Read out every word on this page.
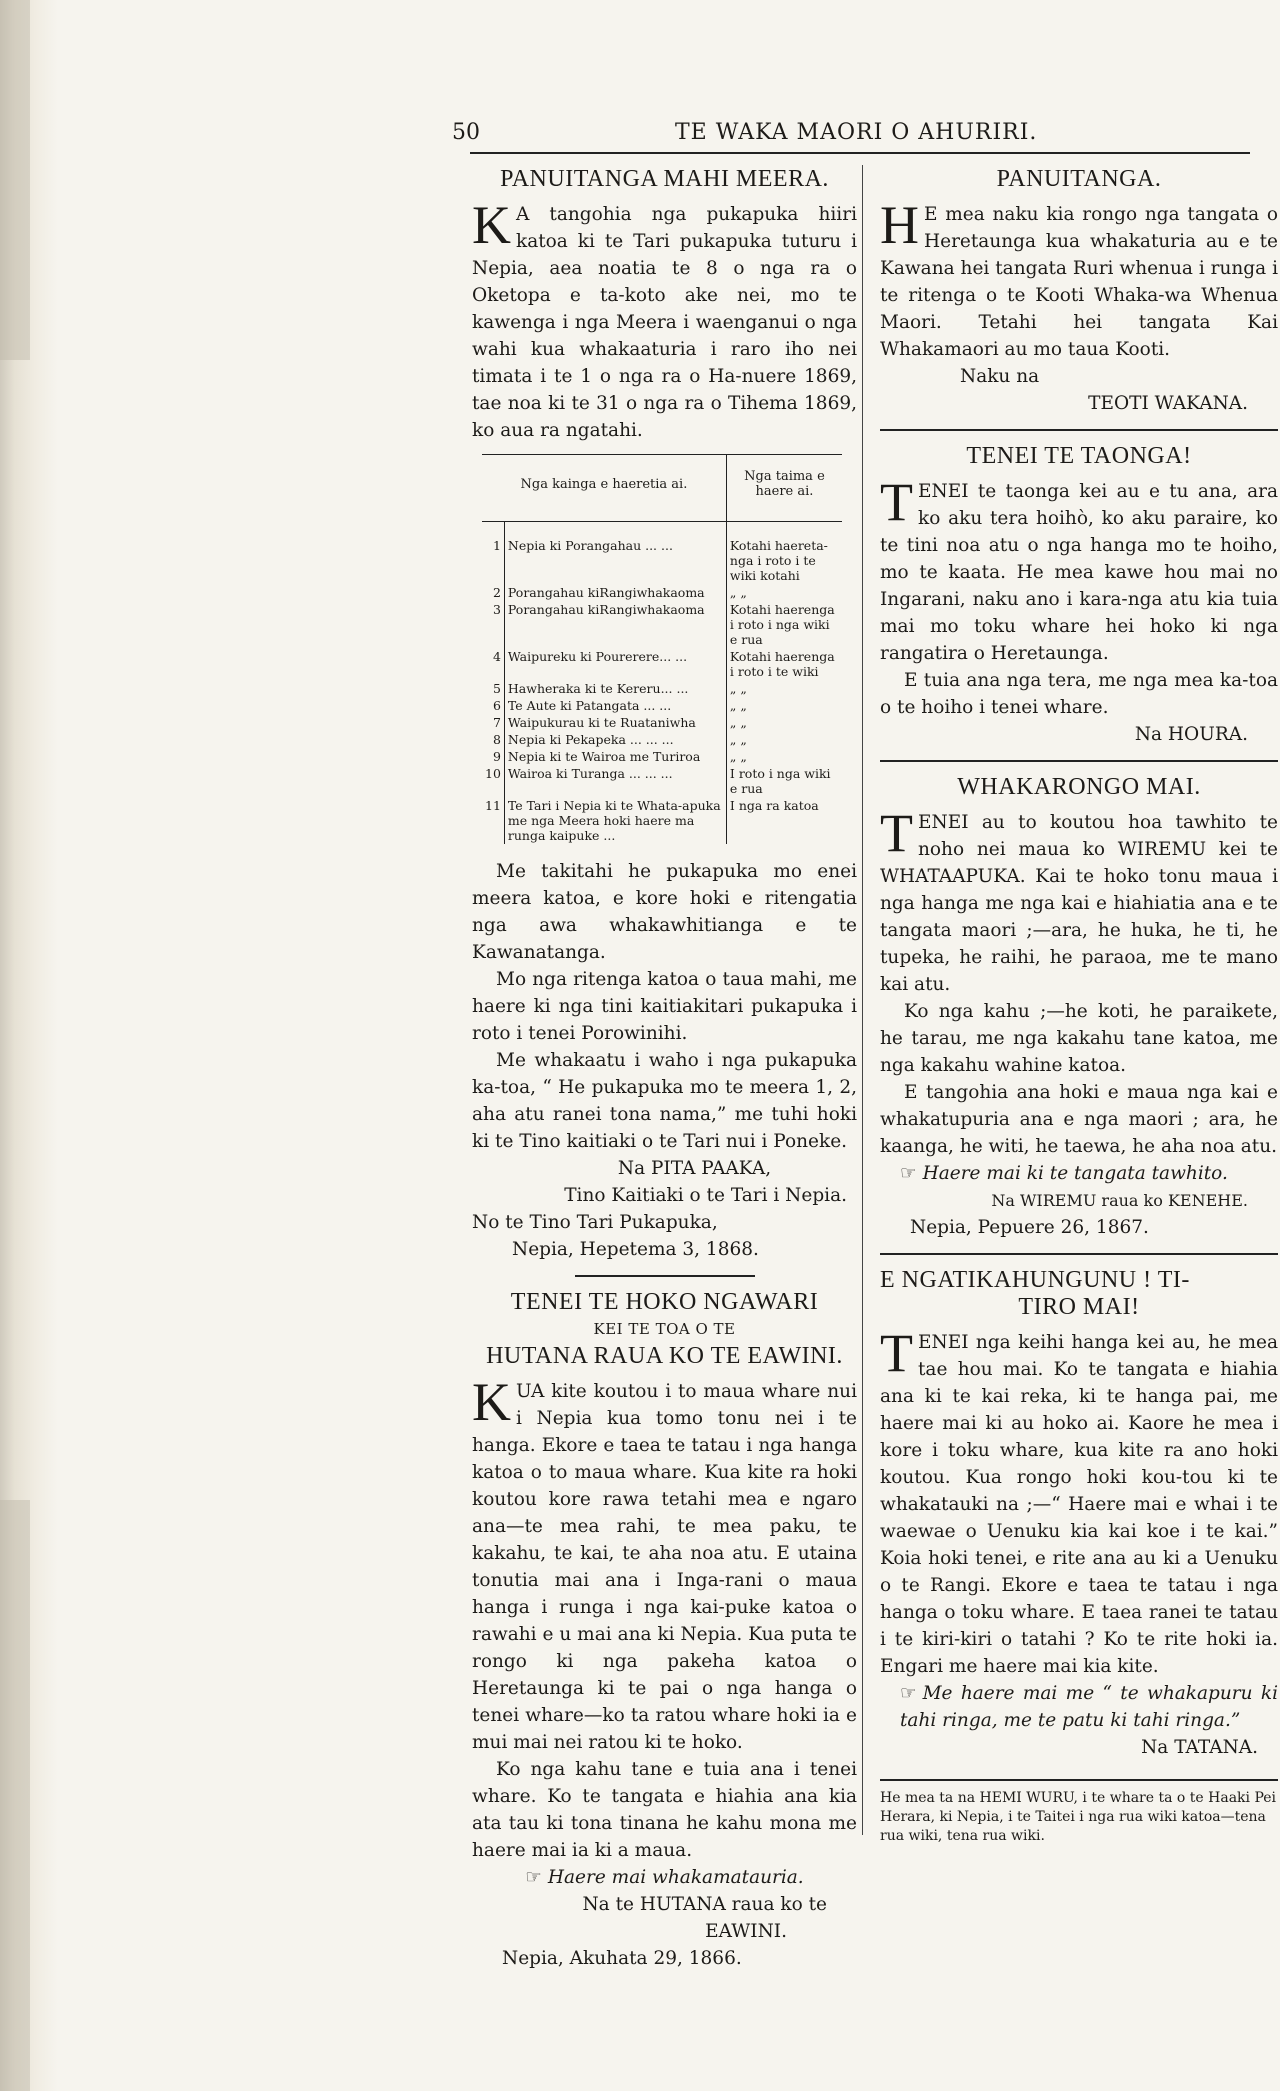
50	TE WAKA MAORI O AHURIRI.
PANUITANGA MAHI MEERA.

K A tangohia nga pukapuka hiiri katoa ki te Tari pukapuka tuturu i Nepia, aea noatia te 8 o nga ra o Oketopa e ta-koto ake nei, mo te kawenga i nga Meera i waenganui o nga wahi kua whakaaturia i raro iho nei timata i te 1 o nga ra o Ha-nuere 1869, tae noa ki te 31 o nga ra o Tihema 1869, ko aua ra ngatahi.

Nga kainga e haeretia ai.		Nga taima e haere ai.
1	Nepia ki Porangahau ... ...	Kotahi haereta-nga i roto i te wiki kotahi
2	Porangahau kiRangiwhakaoma	„ „
3	Porangahau kiRangiwhakaoma	Kotahi haerenga i roto i nga wiki e rua
4	Waipureku ki Pourerere... ...	Kotahi haerenga i roto i te wiki
5	Hawheraka ki te Kereru... ...	„ „
6	Te Aute ki Patangata ... ...	„ „
7	Waipukurau ki te Ruataniwha	„ „
8	Nepia ki Pekapeka ... ... ...	„ „
9	Nepia ki te Wairoa me Turiroa	„ „
10	Wairoa ki Turanga ... ... ...	I roto i nga wiki e rua
11	Te Tari i Nepia ki te Whata-apuka me nga Meera hoki haere ma runga kaipuke ...	I nga ra katoa

Me takitahi he pukapuka mo enei meera katoa, e kore hoki e ritengatia nga awa whakawhitianga e te Kawanatanga.

Mo nga ritenga katoa o taua mahi, me haere ki nga tini kaitiakitari pukapuka i roto i tenei Porowinihi.

Me whakaatu i waho i nga pukapuka ka-toa, “ He pukapuka mo te meera 1, 2, aha atu ranei tona nama,” me tuhi hoki ki te Tino kaitiaki o te Tari nui i Poneke.

Na PITA PAAKA,

Tino Kaitiaki o te Tari i Nepia.

No te Tino Tari Pukapuka,

Nepia, Hepetema 3, 1868.

TENEI TE HOKO NGAWARI

KEI TE TOA O TE

HUTANA RAUA KO TE EAWINI.

KUA kite koutou i to maua whare nui i Nepia kua tomo tonu nei i te hanga. Ekore e taea te tatau i nga hanga katoa o to maua whare. Kua kite ra hoki koutou kore rawa tetahi mea e ngaro ana—te mea rahi, te mea paku, te kakahu, te kai, te aha noa atu. E utaina tonutia mai ana i Inga-rani o maua hanga i runga i nga kai-puke katoa o rawahi e u mai ana ki Nepia. Kua puta te rongo ki nga pakeha katoa o Heretaunga ki te pai o nga hanga o tenei whare—ko ta ratou whare hoki ia e mui mai nei ratou ki te hoko.

Ko nga kahu tane e tuia ana i tenei whare. Ko te tangata e hiahia ana kia ata tau ki tona tinana he kahu mona me haere mai ia ki a maua.

☞ Haere mai whakamatauria.

Na te HUTANA raua ko te

EAWINI.

Nepia, Akuhata 29, 1866.

PANUITANGA.

H E mea naku kia rongo nga tangata o Heretaunga kua whakaturia au e te Kawana hei tangata Ruri whenua i runga i te ritenga o te Kooti Whaka-wa Whenua Maori. Tetahi hei tangata Kai Whakamaori au mo taua Kooti.

Naku na

TEOTI WAKANA.

TENEI TE TAONGA!

TENEI te taonga kei au e tu ana, ara ko aku tera hoihò, ko aku paraire, ko te tini noa atu o nga hanga mo te hoiho, mo te kaata. He mea kawe hou mai no Ingarani, naku ano i kara-nga atu kia tuia mai mo toku whare hei hoko ki nga rangatira o Heretaunga.

E tuia ana nga tera, me nga mea ka-toa o te hoiho i tenei whare.

Na HOURA.

WHAKARONGO MAI.

TENEI au to koutou hoa tawhito te noho nei maua ko WIREMU kei te WHATAAPUKA. Kai te hoko tonu maua i nga hanga me nga kai e hiahiatia ana e te tangata maori ;—ara, he huka, he ti, he tupeka, he raihi, he paraoa, me te mano kai atu.

Ko nga kahu ;—he koti, he paraikete, he tarau, me nga kakahu tane katoa, me nga kakahu wahine katoa.

E tangohia ana hoki e maua nga kai e whakatupuria ana e nga maori ; ara, he kaanga, he witi, he taewa, he aha noa atu.

☞ Haere mai ki te tangata tawhito.

Na WIREMU raua ko KENEHE.

Nepia, Pepuere 26, 1867.

E NGATIKAHUNGUNU ! TI-
TIRO MAI!

TENEI nga keihi hanga kei au, he mea tae hou mai. Ko te tangata e hiahia ana ki te kai reka, ki te hanga pai, me haere mai ki au hoko ai. Kaore he mea i kore i toku whare, kua kite ra ano hoki koutou. Kua rongo hoki kou-tou ki te whakatauki na ;—“ Haere mai e whai i te waewae o Uenuku kia kai koe i te kai.” Koia hoki tenei, e rite ana au ki a Uenuku o te Rangi. Ekore e taea te tatau i nga hanga o toku whare. E taea ranei te tatau i te kiri-kiri o tatahi ? Ko te rite hoki ia. Engari me haere mai kia kite.

☞ Me haere mai me “ te whakapuru ki tahi ringa, me te patu ki tahi ringa.”

Na TATANA.

He mea ta na HEMI WURU, i te whare ta o te Haaki Pei Herara, ki Nepia, i te Taitei i nga rua wiki katoa—tena rua wiki, tena rua wiki.
